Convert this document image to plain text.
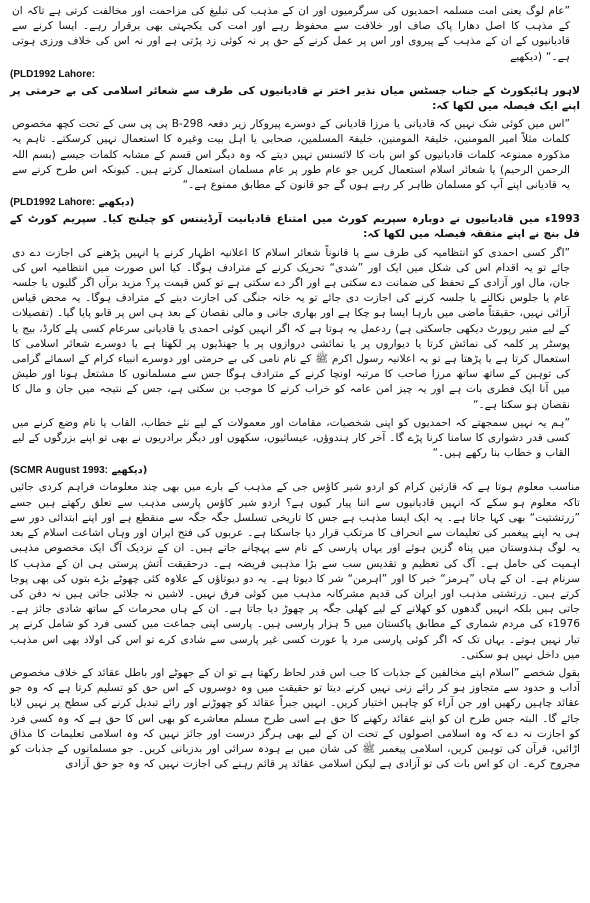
”عام لوگ یعنی امت مسلمہ احمدیوں کی سرگرمیوں اور ان کے مذہب کی تبلیغ کی مزاحمت اور مخالفت کرتی ہے تاکہ ان کے مذہب کا اصل دھارا پاک صاف اور خلافت سے محفوظ رہے اور امت کی یکجہتی بھی برقرار رہے۔ ایسا کرنے سے قادیانیوں کے ان کے مذہب کے پیروی اور اس پر عمل کرنے کے حق پر نہ کوئی زد پڑتی ہے اور نہ اس کی خلاف ورزی ہوتی ہے۔“ (دیکھیے

(PLD1992 Lahore:

لاہور ہائیکورٹ کے جناب جسٹس میاں نذیر اختر نے قادیانیوں کی طرف سے شعائر اسلامی کی بے حرمتی پر اپنے ایک فیصلہ میں لکھا کہ:

”اس میں کوئی شک نہیں کہ قادیانی یا مرزا قادیانی کے دوسرے پیروکار زیر دفعہ 298-B پی پی سی کے تحت کچھ مخصوص کلمات مثلاً امیر المومنین، خلیفۃ المومنین، خلیفۃ المسلمین، صحابی یا اہل بیت وغیرہ کا استعمال نہیں کرسکتے۔ تاہم یہ مذکورہ ممنوعہ کلمات قادیانیوں کو اس بات کا لائسنس نہیں دیتے کہ وہ دیگر اس قسم کے مشابہ کلمات جیسے (بسم اللہ الرحمن الرحیم) یا شعائر اسلام استعمال کریں جو عام طور پر عام مسلمان استعمال کرتے ہیں۔ کیونکہ اس طرح کرنے سے یہ قادیانی اپنے آپ کو مسلمان ظاہر کر رہے ہوں گے جو قانون کے مطابق ممنوع ہے۔“

(PLD1992 Lahore: دیکھیے)

1993ء میں قادیانیوں نے دوبارہ سپریم کورٹ میں امتناع قادیانیت آرڈیننس کو چیلنج کیا۔ سپریم کورٹ کے فل بنچ نے اپنے متفقہ فیصلہ میں لکھا کہ:

”اگر کسی احمدی کو انتظامیہ کی طرف سے یا قانوناً شعائر اسلام کا اعلانیہ اظہار کرنے یا انہیں پڑھنے کی اجازت دے دی جائے تو یہ اقدام اس کی شکل میں ایک اور ”شدی“ تحریک کرنے کے مترادف ہوگا۔ کیا اس صورت میں انتظامیہ اس کی جان، مال اور آزادی کے تحفظ کی ضمانت دے سکتی ہے اور اگر دے سکتی ہے تو کس قیمت پر؟ مزید برآں اگر گلیوں یا جلسہ عام یا جلوس نکالنے یا جلسہ کرنے کی اجازت دی جائے تو یہ خانہ جنگی کی اجازت دینے کے مترادف ہوگا۔ یہ محض قیاس آرائی نہیں، حقیقتاً ماضی میں بارہا ایسا ہو چکا ہے اور بھاری جانی و مالی نقصان کے بعد ہی اس پر قابو پایا گیا۔ (تفصیلات کے لیے منیر رپورٹ دیکھی جاسکتی ہے) ردعمل یہ ہوتا ہے کہ اگر انہیں کوئی احمدی یا قادیانی سرعام کسی پلے کارڈ، بیج یا پوسٹر پر کلمہ کی نمائش کرتا یا دیواروں پر یا نمائشی دروازوں پر یا جھنڈیوں پر لکھتا ہے یا دوسرے شعائر اسلامی کا استعمال کرتا ہے یا پڑھتا ہے تو یہ اعلانیہ رسول اکرم ﷺ کے نام نامی کی بے حرمتی اور دوسرے انبیاء کرام کے اسمائے گرامی کی توہین کے ساتھ ساتھ مرزا صاحب کا مرتبہ اونچا کرنے کے مترادف ہوگا جس سے مسلمانوں کا مشتعل ہونا اور طیش میں آنا ایک فطری بات ہے اور یہ چیز امن عامہ کو خراب کرنے کا موجب بن سکتی ہے، جس کے نتیجہ میں جان و مال کا نقصان ہو سکتا ہے۔“

”ہم یہ نہیں سمجھتے کہ احمدیوں کو اپنی شخصیات، مقامات اور معمولات کے لیے نئے خطاب، القاب یا نام وضع کرنے میں کسی قدر دشواری کا سامنا کرنا پڑے گا۔ آخر کار ہندوؤں، عیسائیوں، سکھوں اور دیگر برادریوں نے بھی تو اپنے بزرگوں کے لیے القاب و خطاب بنا رکھے ہیں۔“

(SCMR August 1993: دیکھیے)

مناسب معلوم ہوتا ہے کہ قارئین کرام کو اردو شیر کاؤس جی کے مذہب کے بارے میں بھی چند معلومات فراہم کردی جائیں تاکہ معلوم ہو سکے کہ انہیں قادیانیوں سے اتنا پیار کیوں ہے؟ اردو شیر کاؤس پارسی مذہب سے تعلق رکھتے ہیں جسے ”زرتشتیت“ بھی کہا جاتا ہے۔ یہ ایک ایسا مذہب ہے جس کا تاریخی تسلسل جگہ جگہ سے منقطع ہے اور اپنے ابتدائی دور سے ہی یہ اپنے پیغمبر کی تعلیمات سے انحراف کا مرتکب قرار دیا جاسکتا ہے۔ عربوں کی فتح ایران اور وہاں اشاعت اسلام کے بعد یہ لوگ ہندوستان میں پناہ گزین ہوئے اور یہاں پارسی کے نام سے پہچانے جاتے ہیں۔ ان کے نزدیک آگ ایک مخصوص مذہبی اہمیت کی حامل ہے۔ آگ کی تعظیم و تقدیس سب سے بڑا مذہبی فریضہ ہے۔ درحقیقت آتش پرستی ہی ان کے مذہب کا سرنام ہے۔ ان کے ہاں ”ہرمز“ خیر کا اور ”اہرمن“ شر کا دیوتا ہے۔ یہ دو دیوتاؤں کے علاوہ کئی چھوٹے بڑے بتوں کی بھی پوجا کرتے ہیں۔ زرتشتی مذہب اور ایران کی قدیم مشرکانہ مذہب میں کوئی فرق نہیں۔ لاشیں نہ جلائی جاتی ہیں نہ دفن کی جاتی ہیں بلکہ انہیں گدھوں کو کھلانے کے لیے کھلی جگہ پر چھوڑ دیا جاتا ہے۔ ان کے ہاں محرمات کے ساتھ شادی جائز ہے۔ 1976ء کی مردم شماری کے مطابق پاکستان میں 5 ہزار پارسی ہیں۔ پارسی اپنی جماعت میں کسی فرد کو شامل کرنے پر تیار نہیں ہوتے۔ یہاں تک کہ اگر کوئی پارسی مرد یا عورت کسی غیر پارسی سے شادی کرے تو اس کی اولاد بھی اس مذہب میں داخل نہیں ہو سکتی۔

بقول شخصے ”اسلام اپنے مخالفین کے جذبات کا جب اس قدر لحاظ رکھتا ہے تو ان کے جھوٹے اور باطل عقائد کے خلاف مخصوص آداب و حدود سے متجاوز ہو کر رائے زنی نہیں کرنے دیتا تو حقیقت میں وہ دوسروں کے اس حق کو تسلیم کرتا ہے کہ وہ جو عقائد چاہیں رکھیں اور جن آراء کو چاہیں اختیار کریں۔ انہیں جبراً عقائد کو چھوڑنے اور رائے تبدیل کرنے کی سطح پر نہیں لایا جائے گا۔ البتہ جس طرح ان کو اپنے عقائد رکھنے کا حق ہے اسی طرح مسلم معاشرے کو بھی اس کا حق ہے کہ وہ کسی فرد کو اجازت نہ دے کہ وہ اسلامی اصولوں کے تحت ان کے لیے بھی ہرگز درست اور جائز نہیں کہ وہ اسلامی تعلیمات کا مذاق اڑائیں، قرآن کی توہین کریں، اسلامی پیغمبر ﷺ کی شان میں بے ہودہ سرائی اور بدزبانی کریں۔ جو مسلمانوں کے جذبات کو مجروح کرے۔ ان کو اس بات کی تو آزادی ہے لیکن اسلامی عقائد پر قائم رہنے کی اجازت نہیں کہ وہ جو حق آزادی
